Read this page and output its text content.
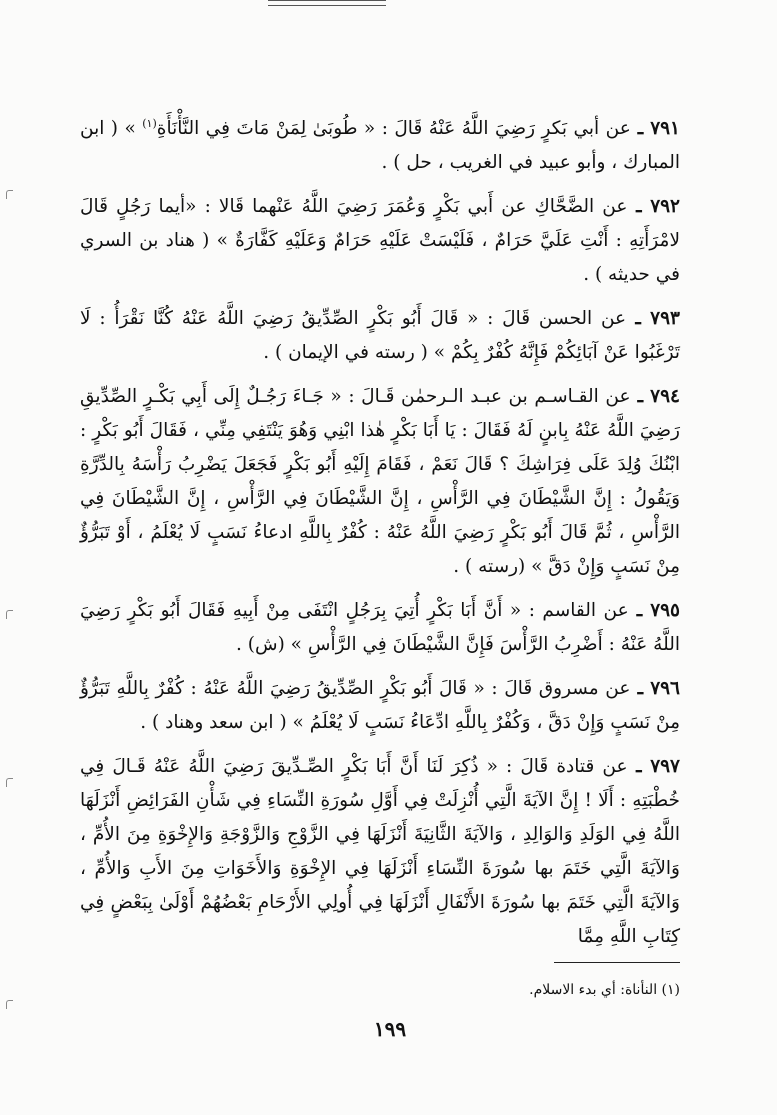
٧٩١ ـ عن أبي بَكرٍ رَضِيَ اللَّهُ عَنْهُ قَالَ : « طُوبَىٰ لِمَنْ مَاتَ فِي النَّأْنَأَةِ$^{(١)}$ » ( ابن المبارك ، وأبو عبيد في الغريب ، حل ) .

٧٩٢ ـ عن الضَّحَّاكِ عن أَبي بَكْرٍ وَعُمَرَ رَضِيَ اللَّهُ عَنْهما قَالا : «أيما رَجُلٍ قَالَ لامْرَأَتِهِ : أَنْتِ عَلَيَّ حَرَامٌ ، فَلَيْسَتْ عَلَيْهِ حَرَامٌ وَعَلَيْهِ كَفَّارَةٌ » ( هناد بن السري في حديثه ) .

٧٩٣ ـ عن الحسن قَالَ : « قَالَ أَبُو بَكْرٍ الصِّدِّيقُ رَضِيَ اللَّهُ عَنْهُ كُنَّا نَقْرَأُ : لَا تَرْغَبُوا عَنْ آبَائِكُمْ فَإِنَّهُ كُفْرٌ بِكُمْ » ( رسته في الإيمان ) .

٧٩٤ ـ عن القـاسـم بن عبـد الـرحمٰن قَـالَ : « جَـاءَ رَجُـلٌ إِلَى أَبِي بَكْـرٍ الصِّدِّيقِ رَضِيَ اللَّهُ عَنْهُ بِابنٍ لَهُ فَقَالَ : يَا أَبَا بَكْرٍ هٰذا ابْنِي وَهُوَ يَنْتَفِي مِنِّي ، فَقَالَ أَبُو بَكْرٍ : ابْنُكَ وُلِدَ عَلَى فِرَاشِكَ ؟ قَالَ نَعَمْ ، فَقَامَ إِلَيْهِ أَبُو بَكْرٍ فَجَعَلَ يَضْرِبُ رَأْسَهُ بِالدِّرَّةِ وَيَقُولُ : إِنَّ الشَّيْطَانَ فِي الرَّأْسِ ، إِنَّ الشَّيْطَانَ فِي الرَّأْسِ ، إِنَّ الشَّيْطَانَ فِي الرَّأْسِ ، ثُمَّ قَالَ أَبُو بَكْرٍ رَضِيَ اللَّهُ عَنْهُ : كُفْرٌ بِاللَّهِ ادعاءُ نَسَبٍ لَا يُعْلَمُ ، أَوْ تَبَرُّؤٌ مِنْ نَسَبٍ وَإِنْ دَقَّ » (رسته ) .

٧٩٥ ـ عن القاسم : « أَنَّ أَبَا بَكْرٍ أُتِيَ بِرَجُلٍ انْتَفَى مِنْ أَبِيهِ فَقَالَ أَبُو بَكْرٍ رَضِيَ اللَّهُ عَنْهُ : أَضْرِبُ الرَّأْسَ فَإِنَّ الشَّيْطَانَ فِي الرَّأْسِ » (ش) .

٧٩٦ ـ عن مسروق قَالَ : « قَالَ أَبُو بَكْرٍ الصِّدِّيقُ رَضِيَ اللَّهُ عَنْهُ : كُفْرٌ بِاللَّهِ تَبَرُّؤٌ مِنْ نَسَبٍ وَإِنْ دَقَّ ، وَكُفْرٌ بِاللَّهِ ادِّعَاءُ نَسَبٍ لَا يُعْلَمُ » ( ابن سعد وهناد ) .

٧٩٧ ـ عن قتادة قَالَ : « ذُكِرَ لَنَا أَنَّ أَبَا بَكْرٍ الصِّـدِّيقَ رَضِيَ اللَّهُ عَنْهُ قَـالَ فِي خُطْبَتِهِ : أَلَا ! إِنَّ الآيَةَ الَّتِي أُنْزِلَتْ فِي أَوَّلِ سُورَةِ النِّسَاءِ فِي شَأْنِ الفَرَائِضِ أَنْزَلَهَا اللَّهُ فِي الوَلَدِ وَالوَالِدِ ، وَالآيَةَ الثَّانِيَةَ أَنْزَلَهَا فِي الزَّوْجِ وَالزَّوْجَةِ وَالإِخْوَةِ مِنَ الأُمِّ ، وَالآيَةَ الَّتِي خَتَمَ بها سُورَةَ النِّسَاءِ أَنْزَلَهَا فِي الإِخْوَةِ وَالأَخَوَاتِ مِنَ الأَبِ وَالأُمِّ ، وَالآيَةَ الَّتِي خَتَمَ بها سُورَةَ الأَنْفَالِ أَنْزَلَهَا فِي أُولِي الأَرْحَامِ بَعْضُهُمْ أَوْلَىٰ بِبَعْضٍ فِي كِتَابِ اللَّهِ مِمَّا

(١) النأناة: أي بدء الاسلام.
١٩٩
